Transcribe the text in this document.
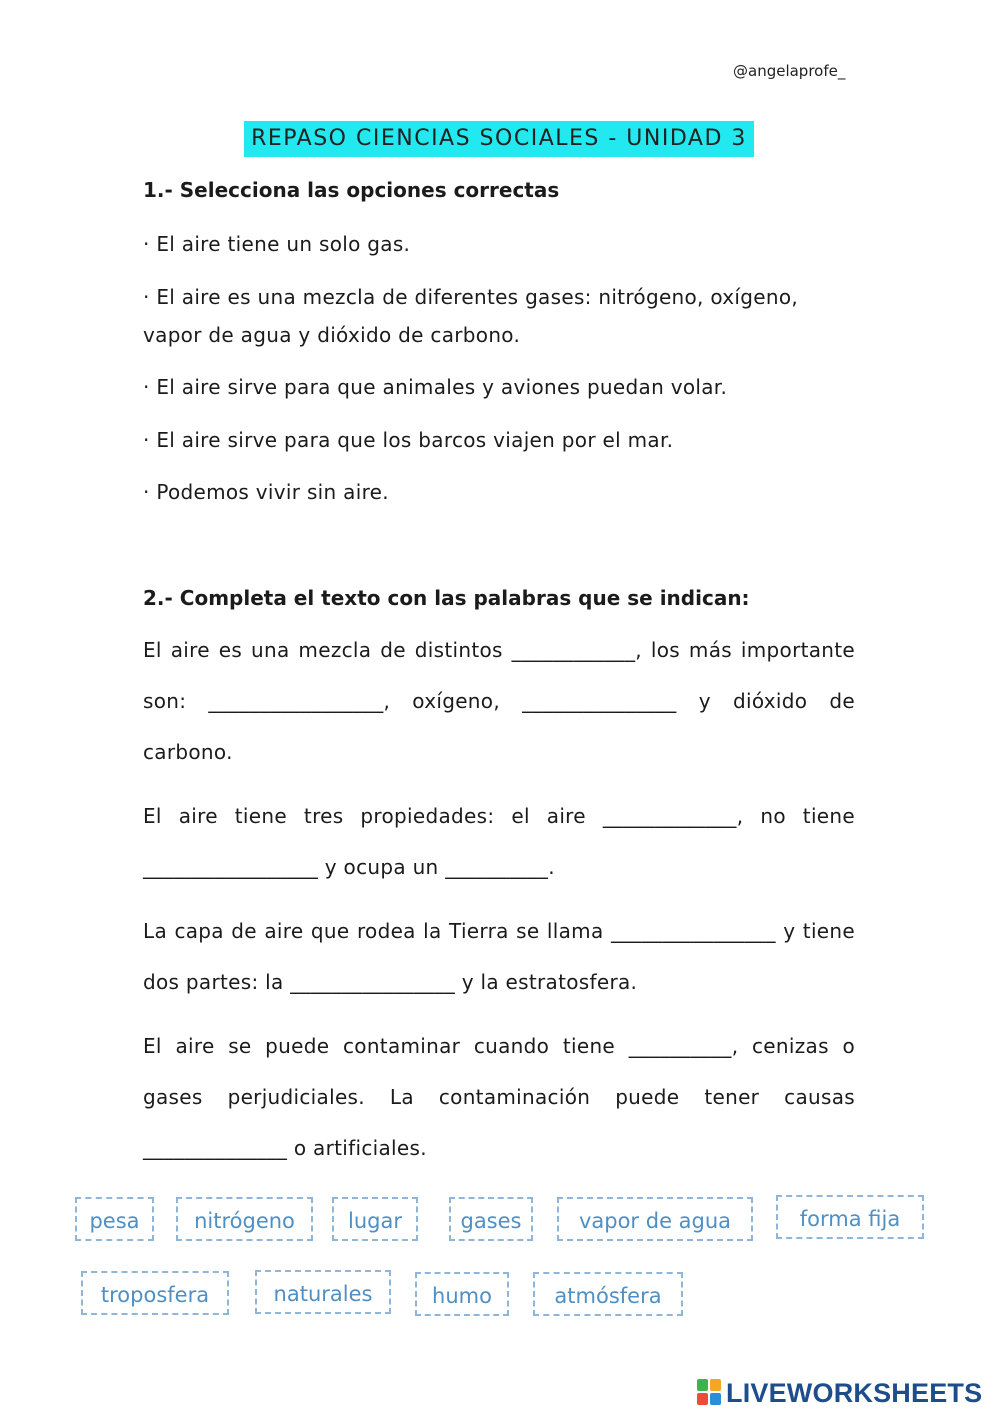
@angelaprofe_
REPASO CIENCIAS SOCIALES - UNIDAD 3
1.- Selecciona las opciones correctas
· El aire tiene un solo gas.
· El aire es una mezcla de diferentes gases: nitrógeno, oxígeno,
vapor de agua y dióxido de carbono.
· El aire sirve para que animales y aviones puedan volar.
· El aire sirve para que los barcos viajen por el mar.
· Podemos vivir sin aire.
2.- Completa el texto con las palabras que se indican:
El aire es una mezcla de distintos ____________, los más importante son: _________________, oxígeno, _______________ y dióxido de carbono.
El aire tiene tres propiedades: el aire _____________, no tiene _________________ y ocupa un __________.
La capa de aire que rodea la Tierra se llama ________________ y tiene dos partes: la ________________ y la estratosfera.
El aire se puede contaminar cuando tiene __________, cenizas o gases perjudiciales. La contaminación puede tener causas ______________ o artificiales.
pesa	nitrógeno	lugar	gases	vapor de agua	forma fija
troposfera	naturales	humo	atmósfera
LIVEWORKSHEETS
